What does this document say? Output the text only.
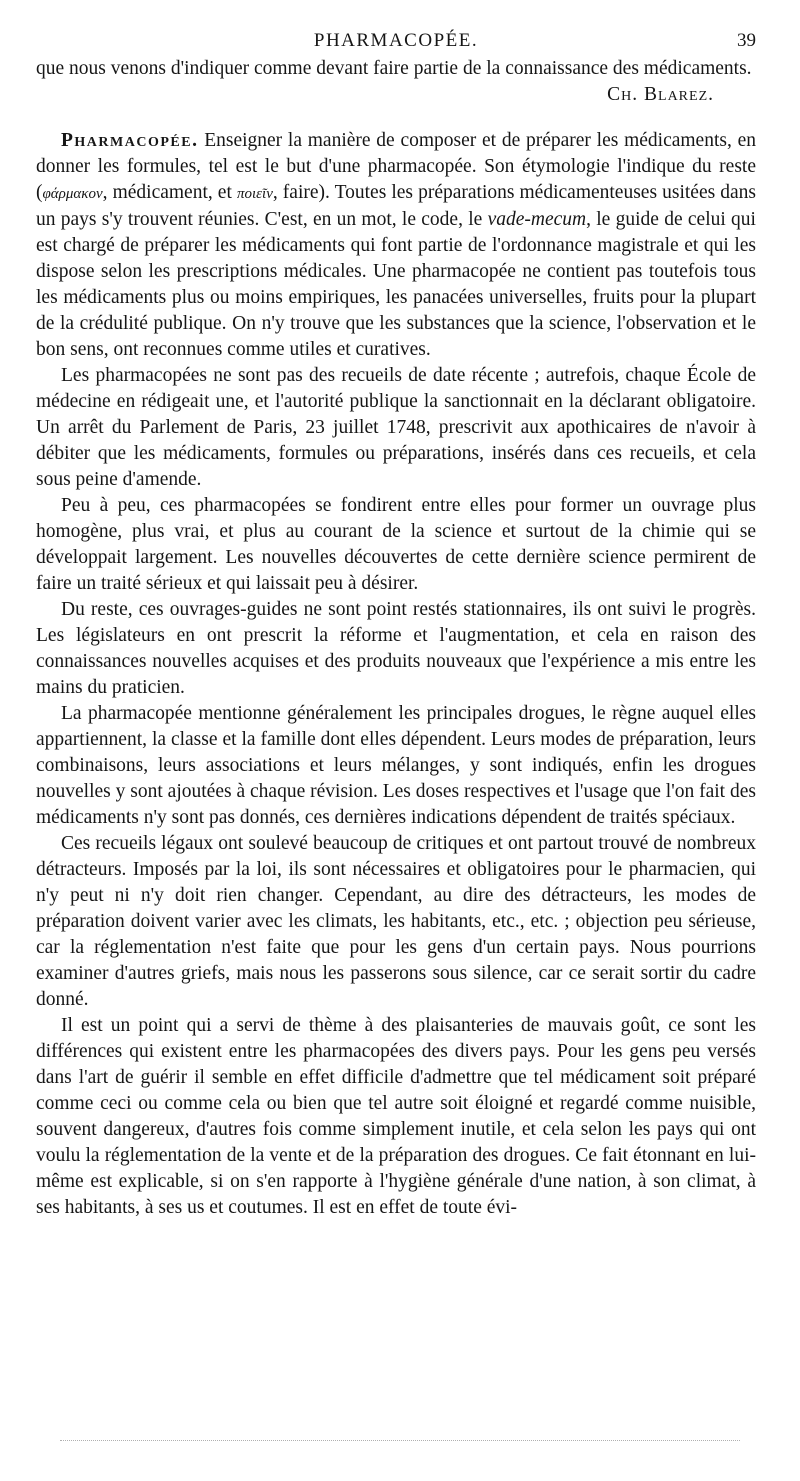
PHARMACOPÉE.	39

que nous venons d'indiquer comme devant faire partie de la connaissance des médicaments.

Ch. Blarez.

Pharmacopée. Enseigner la manière de composer et de préparer les médicaments, en donner les formules, tel est le but d'une pharmacopée. Son étymologie l'indique du reste (φάρμακον, médicament, et ποιεῖν, faire). Toutes les préparations médicamenteuses usitées dans un pays s'y trouvent réunies. C'est, en un mot, le code, le vade-mecum, le guide de celui qui est chargé de préparer les médicaments qui font partie de l'ordonnance magistrale et qui les dispose selon les prescriptions médicales. Une pharmacopée ne contient pas toutefois tous les médicaments plus ou moins empiriques, les panacées universelles, fruits pour la plupart de la crédulité publique. On n'y trouve que les substances que la science, l'observation et le bon sens, ont reconnues comme utiles et curatives.

Les pharmacopées ne sont pas des recueils de date récente ; autrefois, chaque École de médecine en rédigeait une, et l'autorité publique la sanctionnait en la déclarant obligatoire. Un arrêt du Parlement de Paris, 23 juillet 1748, prescrivit aux apothicaires de n'avoir à débiter que les médicaments, formules ou préparations, insérés dans ces recueils, et cela sous peine d'amende.

Peu à peu, ces pharmacopées se fondirent entre elles pour former un ouvrage plus homogène, plus vrai, et plus au courant de la science et surtout de la chimie qui se développait largement. Les nouvelles découvertes de cette dernière science permirent de faire un traité sérieux et qui laissait peu à désirer.

Du reste, ces ouvrages-guides ne sont point restés stationnaires, ils ont suivi le progrès. Les législateurs en ont prescrit la réforme et l'augmentation, et cela en raison des connaissances nouvelles acquises et des produits nouveaux que l'expérience a mis entre les mains du praticien.

La pharmacopée mentionne généralement les principales drogues, le règne auquel elles appartiennent, la classe et la famille dont elles dépendent. Leurs modes de préparation, leurs combinaisons, leurs associations et leurs mélanges, y sont indiqués, enfin les drogues nouvelles y sont ajoutées à chaque révision. Les doses respectives et l'usage que l'on fait des médicaments n'y sont pas donnés, ces dernières indications dépendent de traités spéciaux.

Ces recueils légaux ont soulevé beaucoup de critiques et ont partout trouvé de nombreux détracteurs. Imposés par la loi, ils sont nécessaires et obligatoires pour le pharmacien, qui n'y peut ni n'y doit rien changer. Cependant, au dire des détracteurs, les modes de préparation doivent varier avec les climats, les habitants, etc., etc. ; objection peu sérieuse, car la réglementation n'est faite que pour les gens d'un certain pays. Nous pourrions examiner d'autres griefs, mais nous les passerons sous silence, car ce serait sortir du cadre donné.

Il est un point qui a servi de thème à des plaisanteries de mauvais goût, ce sont les différences qui existent entre les pharmacopées des divers pays. Pour les gens peu versés dans l'art de guérir il semble en effet difficile d'admettre que tel médicament soit préparé comme ceci ou comme cela ou bien que tel autre soit éloigné et regardé comme nuisible, souvent dangereux, d'autres fois comme simplement inutile, et cela selon les pays qui ont voulu la réglementation de la vente et de la préparation des drogues. Ce fait étonnant en lui-même est explicable, si on s'en rapporte à l'hygiène générale d'une nation, à son climat, à ses habitants, à ses us et coutumes. Il est en effet de toute évi-
